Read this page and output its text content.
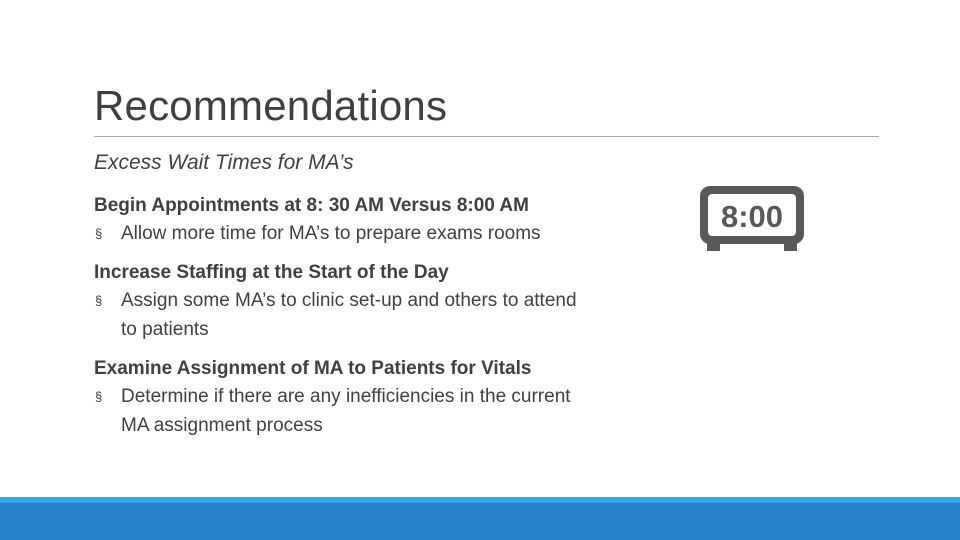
Recommendations
Excess Wait Times for MA’s
Begin Appointments at 8: 30 AM Versus 8:00 AM
§ Allow more time for MA’s to prepare exams rooms
Increase Staffing at the Start of the Day
§ Assign some MA’s to clinic set-up and others to attend to patients
Examine Assignment of MA to Patients for Vitals
§ Determine if there are any inefficiencies in the current MA assignment process
8:00
